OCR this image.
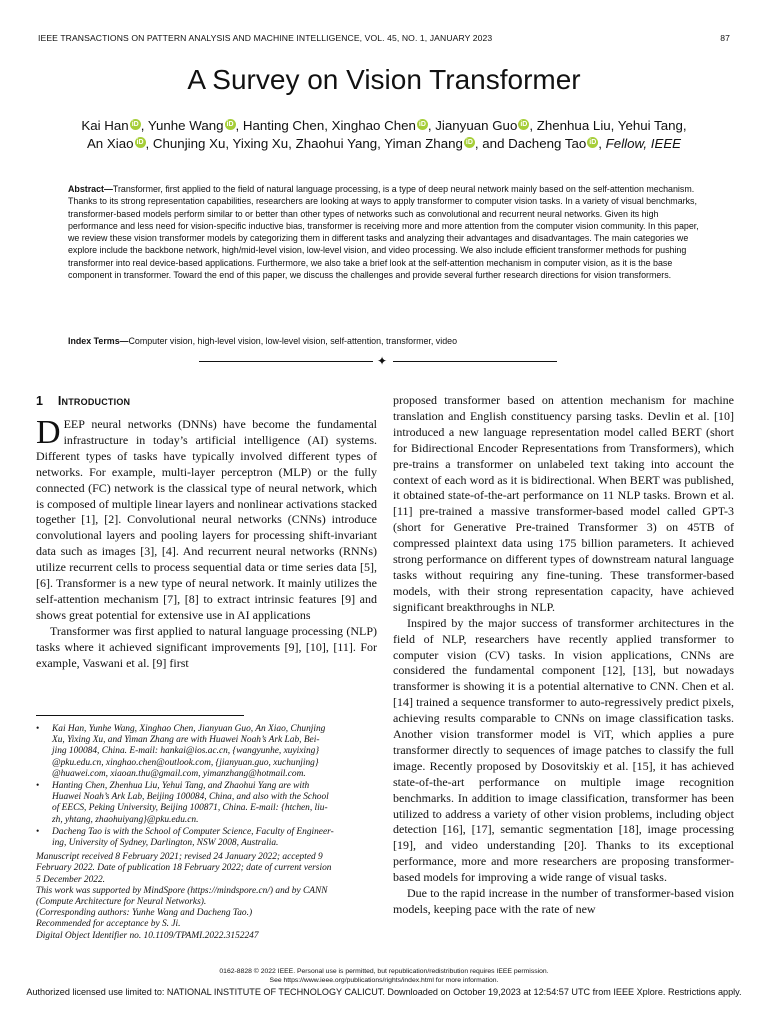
IEEE TRANSACTIONS ON PATTERN ANALYSIS AND MACHINE INTELLIGENCE, VOL. 45, NO. 1, JANUARY 2023	87
A Survey on Vision Transformer
Kai Han iD , Yunhe Wang iD , Hanting Chen, Xinghao Chen iD , Jianyuan Guo iD , Zhenhua Liu, Yehui Tang,
An Xiao iD , Chunjing Xu, Yixing Xu, Zhaohui Yang, Yiman Zhang iD , and Dacheng Tao iD , Fellow, IEEE
Abstract—Transformer, first applied to the field of natural language processing, is a type of deep neural network mainly based on the self-attention mechanism. Thanks to its strong representation capabilities, researchers are looking at ways to apply transformer to computer vision tasks. In a variety of visual benchmarks, transformer-based models perform similar to or better than other types of networks such as convolutional and recurrent neural networks. Given its high performance and less need for vision-specific inductive bias, transformer is receiving more and more attention from the computer vision community. In this paper, we review these vision transformer models by categorizing them in different tasks and analyzing their advantages and disadvantages. The main categories we explore include the backbone network, high/mid-level vision, low-level vision, and video processing. We also include efficient transformer methods for pushing transformer into real device-based applications. Furthermore, we also take a brief look at the self-attention mechanism in computer vision, as it is the base component in transformer. Toward the end of this paper, we discuss the challenges and provide several further research directions for vision transformers.
Index Terms—Computer vision, high-level vision, low-level vision, self-attention, transformer, video
✦
1 Introduction

DEEP neural networks (DNNs) have become the fundamental infrastructure in today’s artificial intelligence (AI) systems. Different types of tasks have typically involved different types of networks. For example, multi-layer perceptron (MLP) or the fully connected (FC) network is the classical type of neural network, which is composed of multiple linear layers and nonlinear activations stacked together [1], [2]. Convolutional neural networks (CNNs) introduce convolutional layers and pooling layers for processing shift-invariant data such as images [3], [4]. And recurrent neural networks (RNNs) utilize recurrent cells to process sequential data or time series data [5], [6]. Transformer is a new type of neural network. It mainly utilizes the self-attention mechanism [7], [8] to extract intrinsic features [9] and shows great potential for extensive use in AI applications

Transformer was first applied to natural language processing (NLP) tasks where it achieved significant improvements [9], [10], [11]. For example, Vaswani et al. [9] first

proposed transformer based on attention mechanism for machine translation and English constituency parsing tasks. Devlin et al. [10] introduced a new language representation model called BERT (short for Bidirectional Encoder Representations from Transformers), which pre-trains a transformer on unlabeled text taking into account the context of each word as it is bidirectional. When BERT was published, it obtained state-of-the-art performance on 11 NLP tasks. Brown et al. [11] pre-trained a massive transformer-based model called GPT-3 (short for Generative Pre-trained Transformer 3) on 45TB of compressed plaintext data using 175 billion parameters. It achieved strong performance on different types of downstream natural language tasks without requiring any fine-tuning. These transformer-based models, with their strong representation capacity, have achieved significant breakthroughs in NLP.

Inspired by the major success of transformer architectures in the field of NLP, researchers have recently applied transformer to computer vision (CV) tasks. In vision applications, CNNs are considered the fundamental component [12], [13], but nowadays transformer is showing it is a potential alternative to CNN. Chen et al. [14] trained a sequence transformer to auto-regressively predict pixels, achieving results comparable to CNNs on image classification tasks. Another vision transformer model is ViT, which applies a pure transformer directly to sequences of image patches to classify the full image. Recently proposed by Dosovitskiy et al. [15], it has achieved state-of-the-art performance on multiple image recognition benchmarks. In addition to image classification, transformer has been utilized to address a variety of other vision problems, including object detection [16], [17], semantic segmentation [18], image processing [19], and video understanding [20]. Thanks to its exceptional performance, more and more researchers are proposing transformer-based models for improving a wide range of visual tasks.

Due to the rapid increase in the number of transformer-based vision models, keeping pace with the rate of new

• Kai Han, Yunhe Wang, Xinghao Chen, Jianyuan Guo, An Xiao, Chunjing

Xu, Yixing Xu, and Yiman Zhang are with Huawei Noah’s Ark Lab, Bei-

jing 100084, China. E-mail: hankai@ios.ac.cn, {wangyunhe, xuyixing}

@pku.edu.cn, xinghao.chen@outlook.com, {jianyuan.guo, xuchunjing}

@huawei.com, xiaoan.thu@gmail.com, yimanzhang@hotmail.com.

• Hanting Chen, Zhenhua Liu, Yehui Tang, and Zhaohui Yang are with

Huawei Noah’s Ark Lab, Beijing 100084, China, and also with the School

of EECS, Peking University, Beijing 100871, China. E-mail: {htchen, liu-

zh, yhtang, zhaohuiyang}@pku.edu.cn.

• Dacheng Tao is with the School of Computer Science, Faculty of Engineer-

ing, University of Sydney, Darlington, NSW 2008, Australia.

Manuscript received 8 February 2021; revised 24 January 2022; accepted 9

February 2022. Date of publication 18 February 2022; date of current version

5 December 2022.

This work was supported by MindSpore (https://mindspore.cn/) and by CANN

(Compute Architecture for Neural Networks).

(Corresponding authors: Yunhe Wang and Dacheng Tao.)

Recommended for acceptance by S. Ji.

Digital Object Identifier no. 10.1109/TPAMI.2022.3152247

0162-8828 © 2022 IEEE. Personal use is permitted, but republication/redistribution requires IEEE permission.
See https://www.ieee.org/publications/rights/index.html for more information.
Authorized licensed use limited to: NATIONAL INSTITUTE OF TECHNOLOGY CALICUT. Downloaded on October 19,2023 at 12:54:57 UTC from IEEE Xplore. Restrictions apply.
